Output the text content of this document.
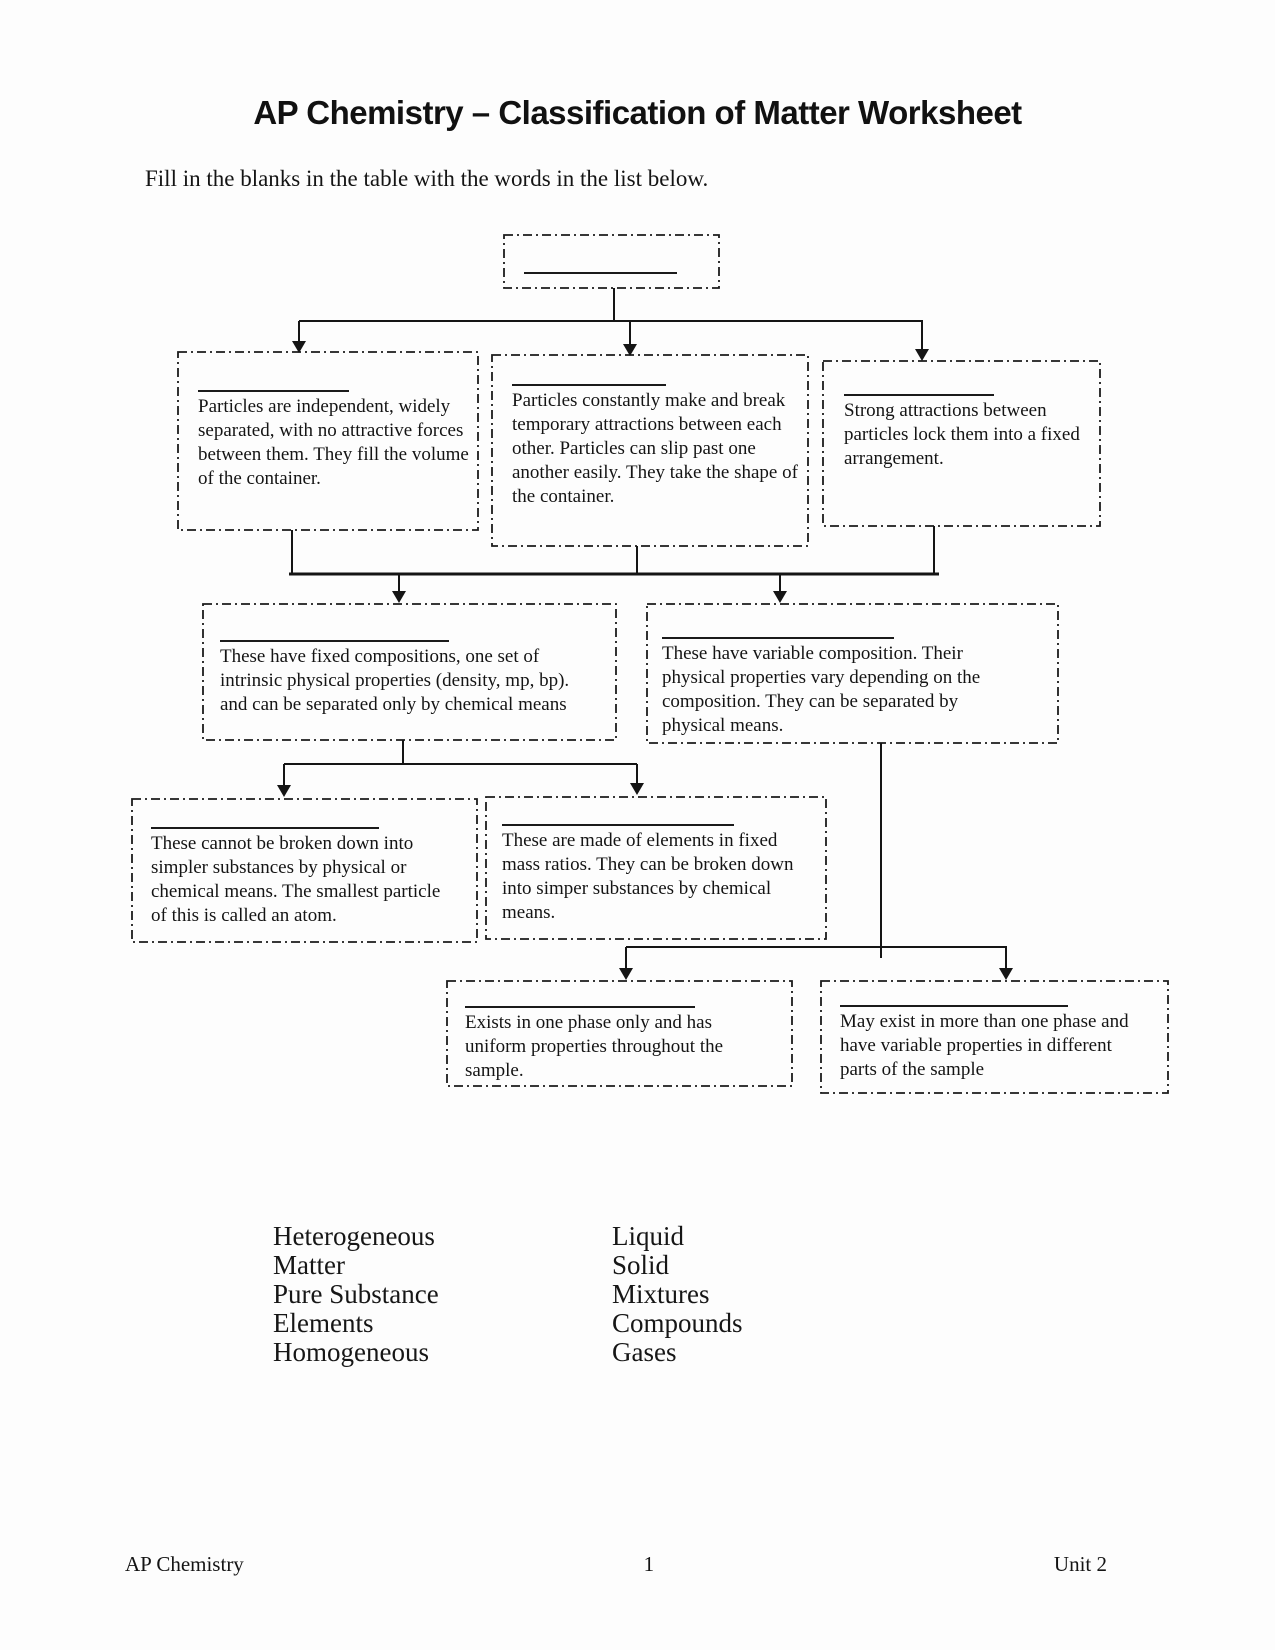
AP Chemistry – Classification of Matter Worksheet
Fill in the blanks in the table with the words in the list below.
Particles are independent, widely separated, with no attractive forces between them. They fill the volume of the container.
Particles constantly make and break temporary attractions between each other. Particles can slip past one another easily. They take the shape of the container.
Strong attractions between particles lock them into a fixed arrangement.
These have fixed compositions, one set of intrinsic physical properties (density, mp, bp). and can be separated only by chemical means
These have variable composition. Their physical properties vary depending on the composition. They can be separated by physical means.
These cannot be broken down into simpler substances by physical or chemical means. The smallest particle of this is called an atom.
These are made of elements in fixed mass ratios. They can be broken down into simper substances by chemical means.
Exists in one phase only and has uniform properties throughout the sample.
May exist in more than one phase and have variable properties in different parts of the sample
Heterogeneous
Matter
Pure Substance
Elements
Homogeneous
Liquid
Solid
Mixtures
Compounds
Gases
AP Chemistry	1	Unit 2
